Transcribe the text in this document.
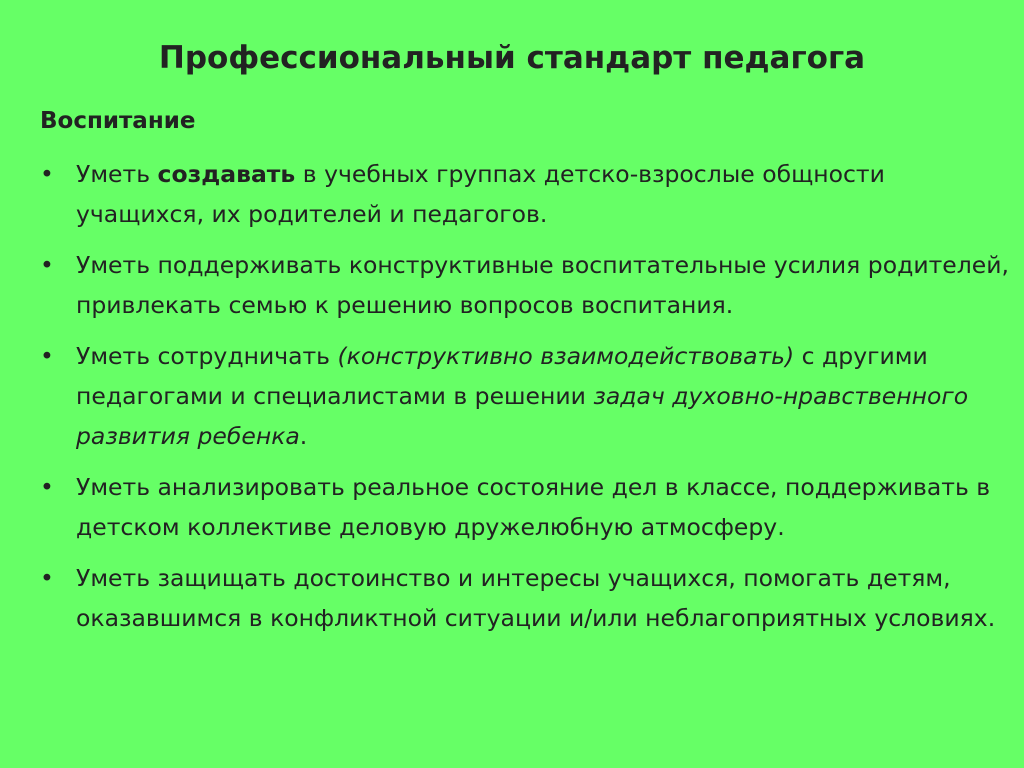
Профессиональный стандарт педагога
Воспитание
• Уметь создавать в учебных группах детско-взрослые общности учащихся, их родителей и педагогов.
• Уметь поддерживать конструктивные воспитательные усилия родителей, привлекать семью к решению вопросов воспитания.
• Уметь сотрудничать (конструктивно взаимодействовать) с другими педагогами и специалистами в решении задач духовно-нравственного развития ребенка.
• Уметь анализировать реальное состояние дел в классе, поддерживать в детском коллективе деловую дружелюбную атмосферу.
• Уметь защищать достоинство и интересы учащихся, помогать детям, оказавшимся в конфликтной ситуации и/или неблагоприятных условиях.
